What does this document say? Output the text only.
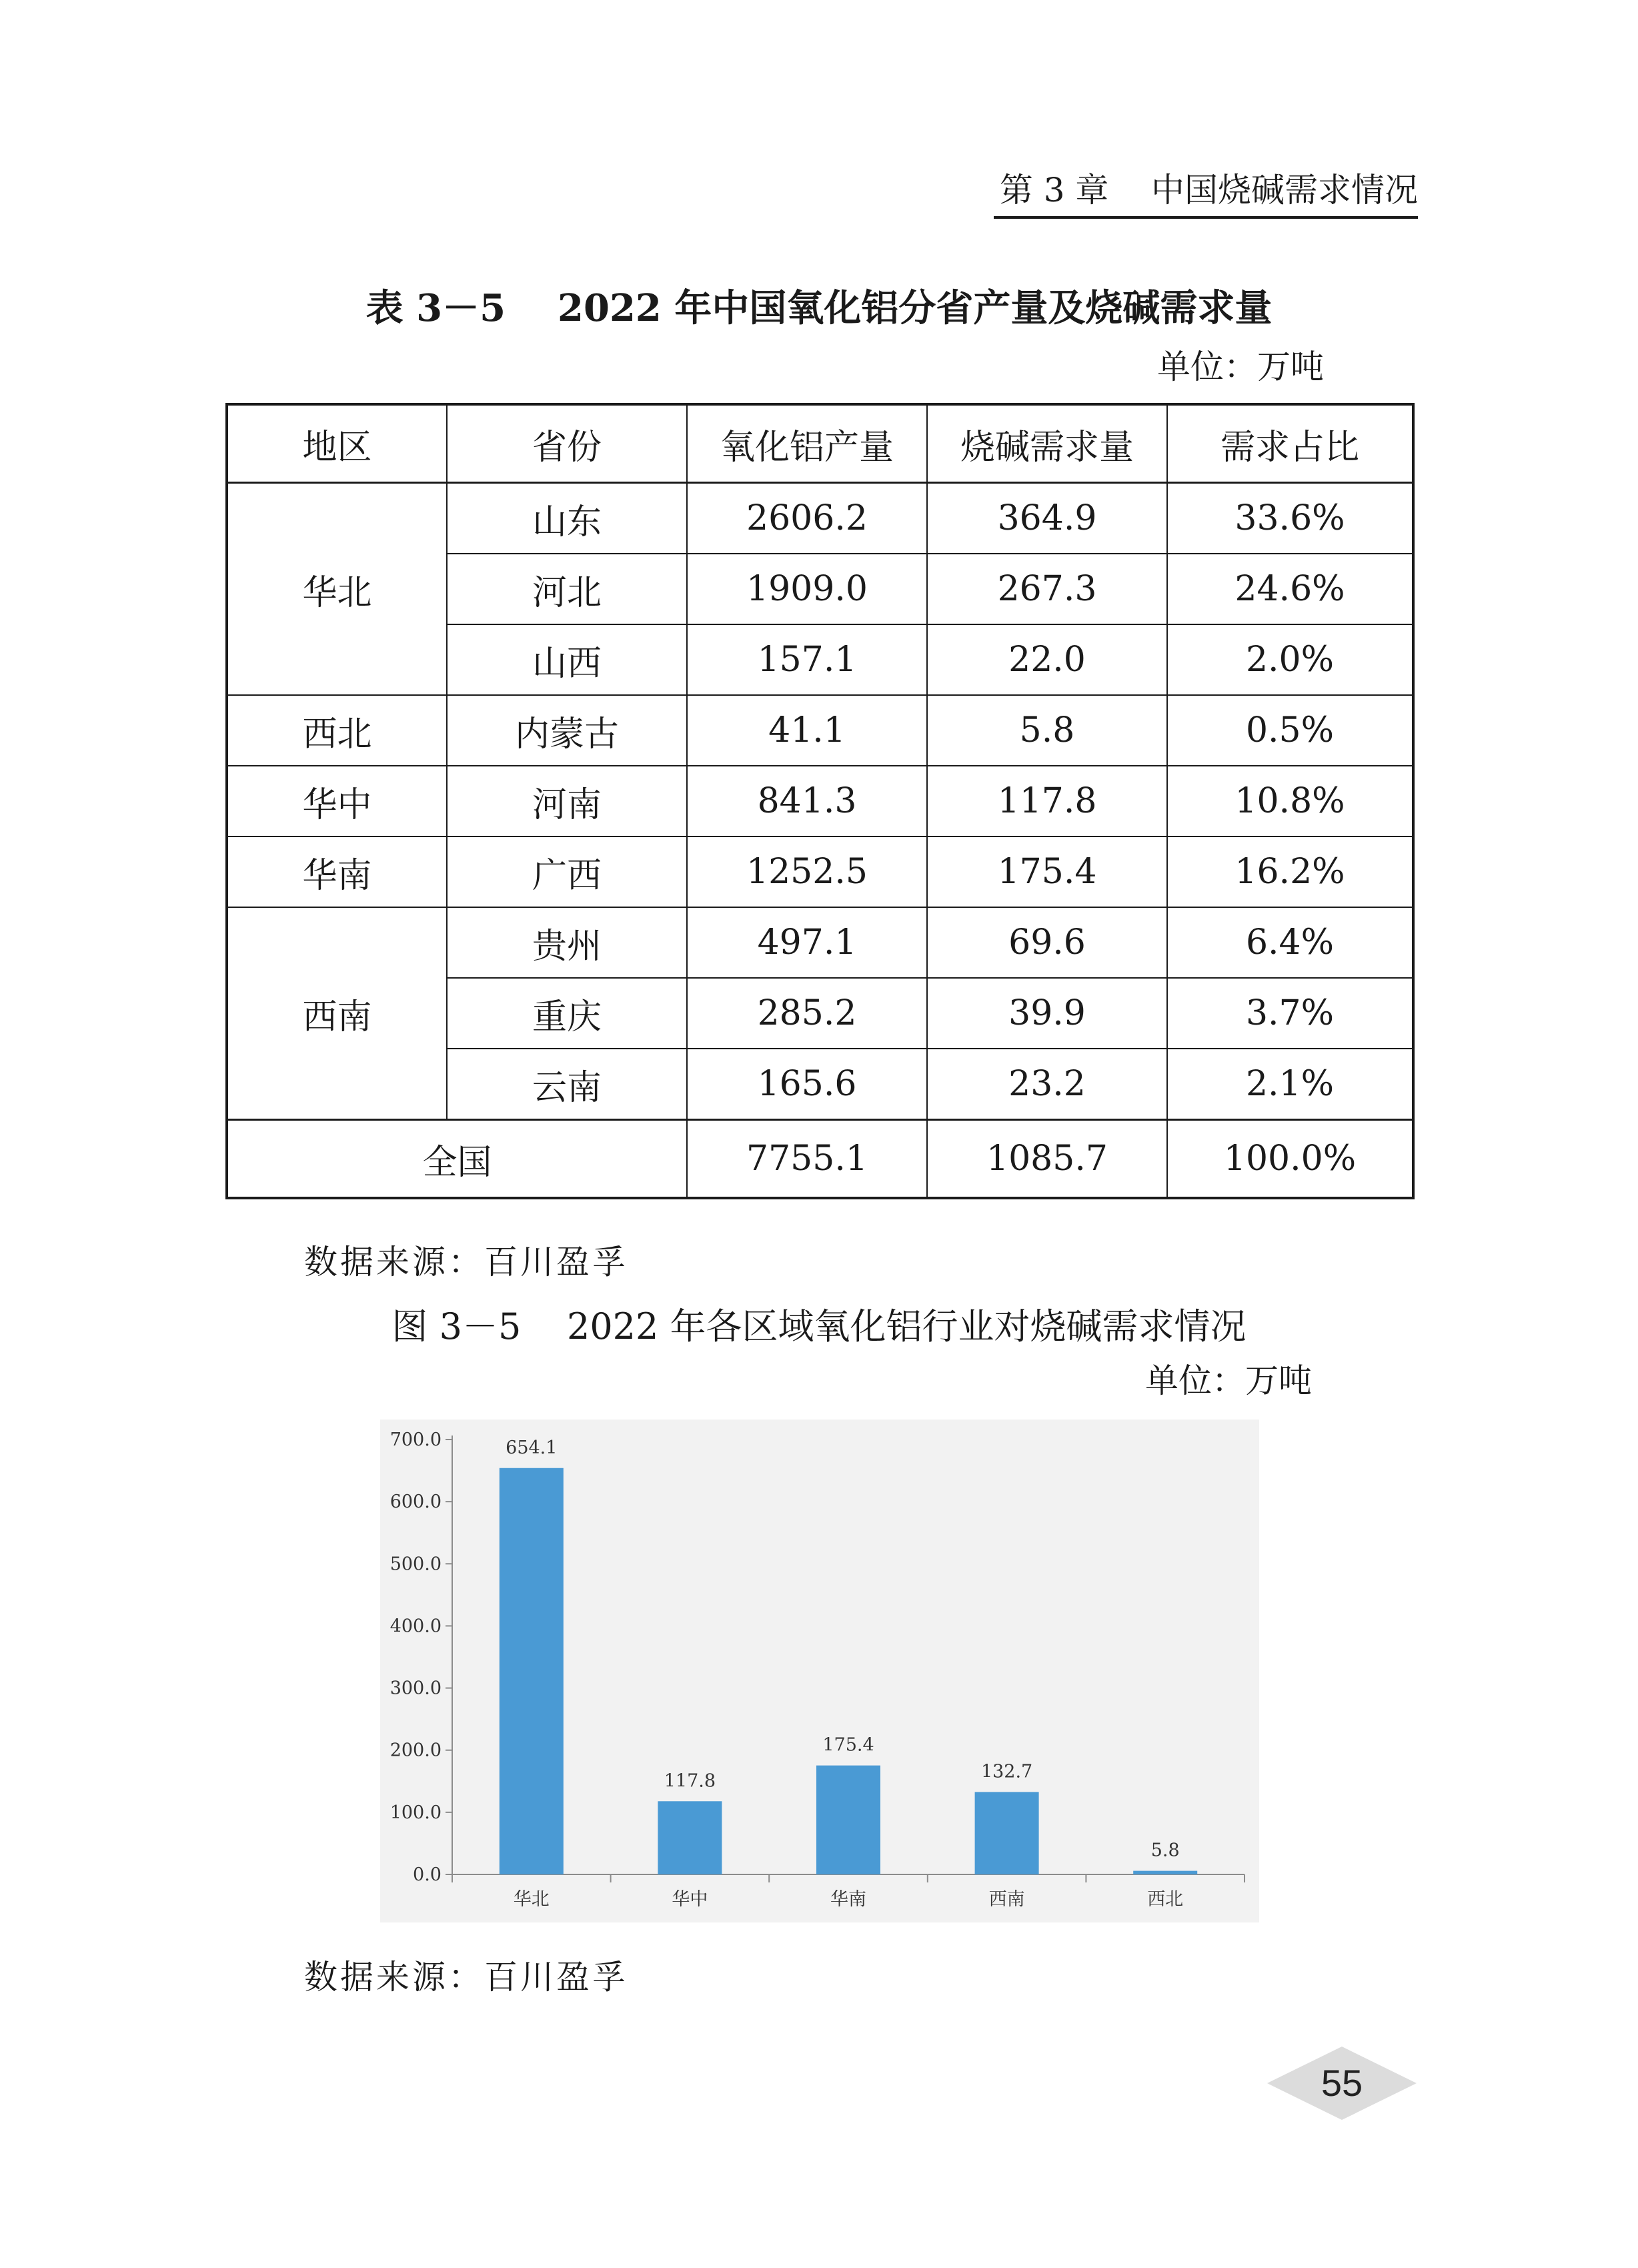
第 3 章    中国烧碱需求情况
表 3－5    2022 年中国氧化铝分省产量及烧碱需求量
单位：万吨
地区	省份	氧化铝产量	烧碱需求量	需求占比
华北	山东	2606.2	364.9	33.6%
	河北	1909.0	267.3	24.6%
	山西	157.1	22.0	2.0%
西北	内蒙古	41.1	5.8	0.5%
华中	河南	841.3	117.8	10.8%
华南	广西	1252.5	175.4	16.2%
西南	贵州	497.1	69.6	6.4%
	重庆	285.2	39.9	3.7%
	云南	165.6	23.2	2.1%
全国		7755.1	1085.7	100.0%
数据来源：百川盈孚
图 3－5    2022 年各区域氧化铝行业对烧碱需求情况
单位：万吨
0.0
100.0
200.0
300.0
400.0
500.0
600.0
700.0	654.1
华北
117.8
华中
175.4
华南
132.7
西南
5.8
西北
数据来源：百川盈孚
55
